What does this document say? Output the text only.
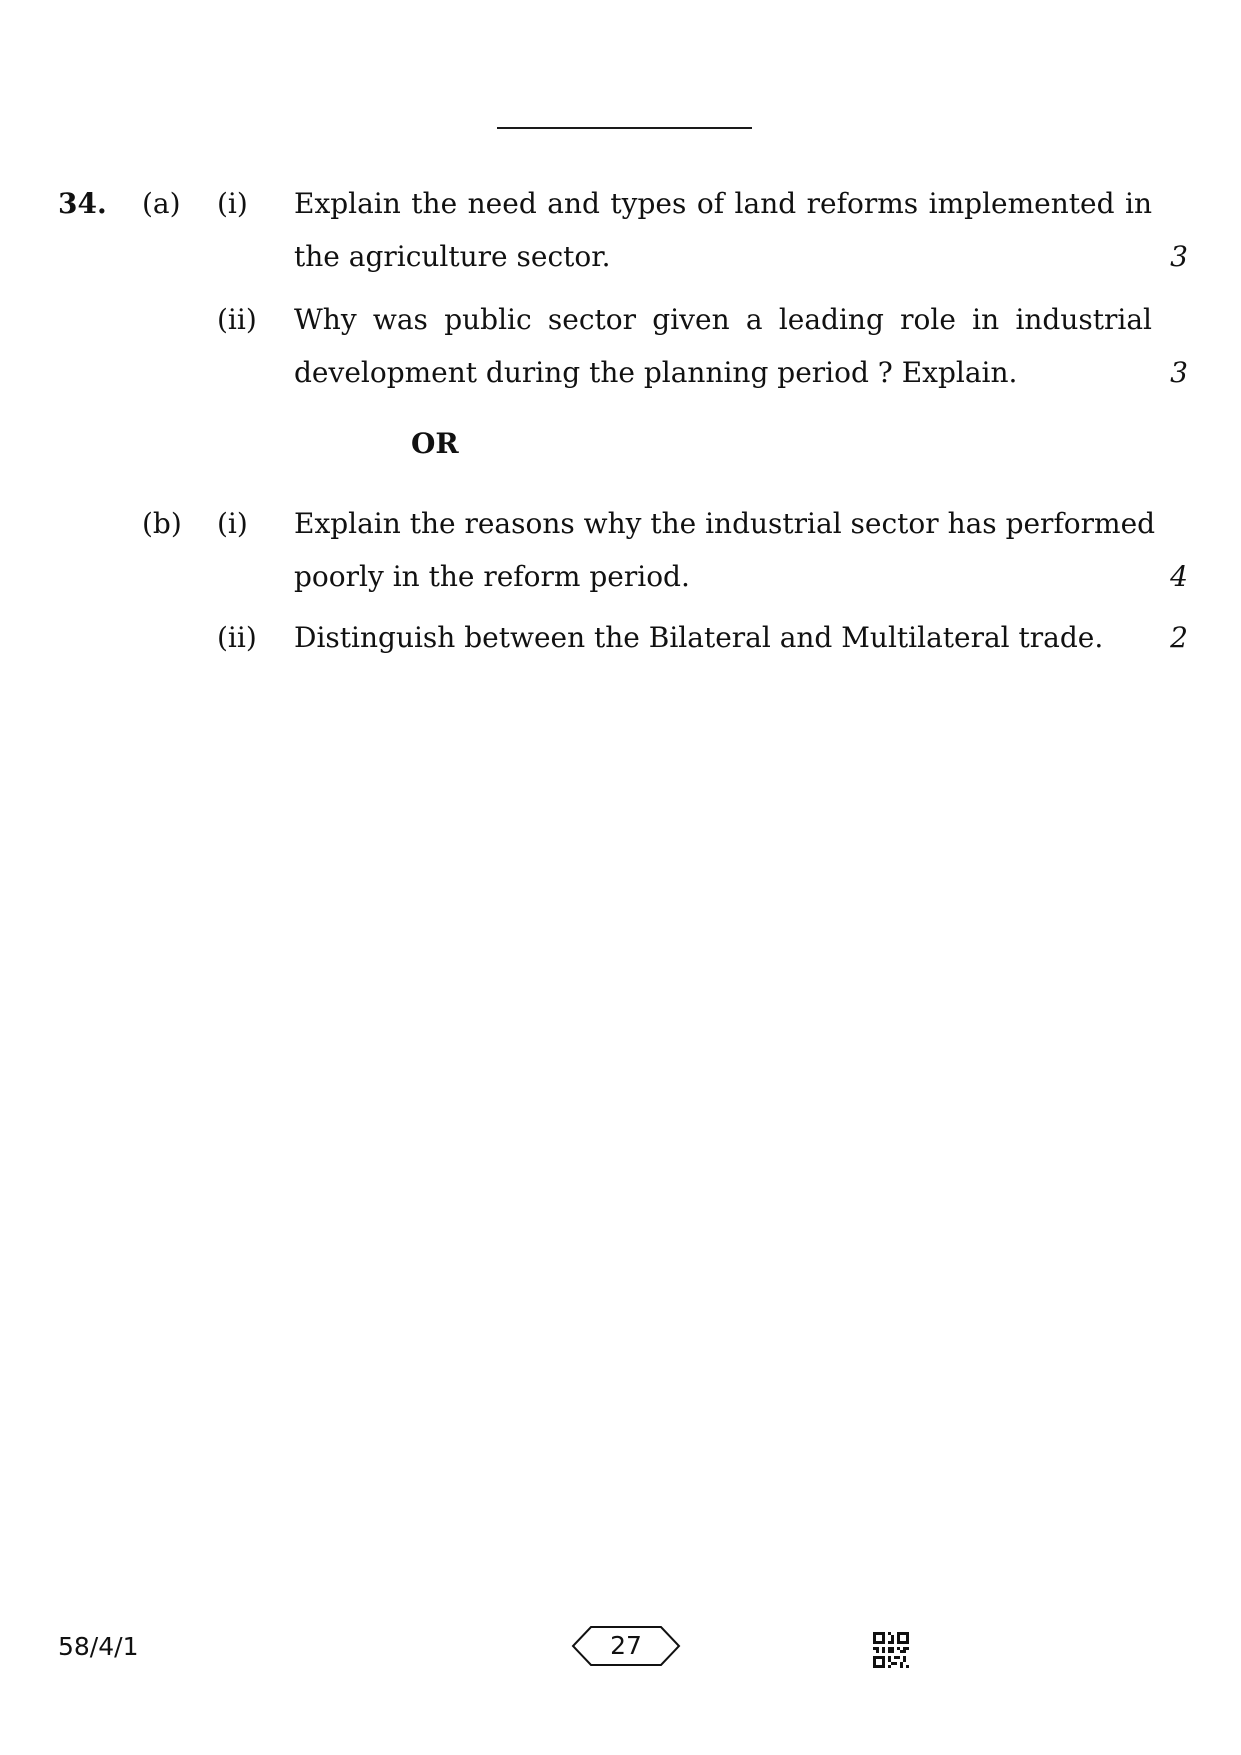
34. (a) (i) Explain the need and types of land reforms implemented in
the agriculture sector.	3
(ii) Why was public sector given a leading role in industrial
development during the planning period ? Explain.	3
OR
(b) (i) Explain the reasons why the industrial sector has performed
poorly in the reform period.	4
(ii) Distinguish between the Bilateral and Multilateral trade.	2
58/4/1	27
